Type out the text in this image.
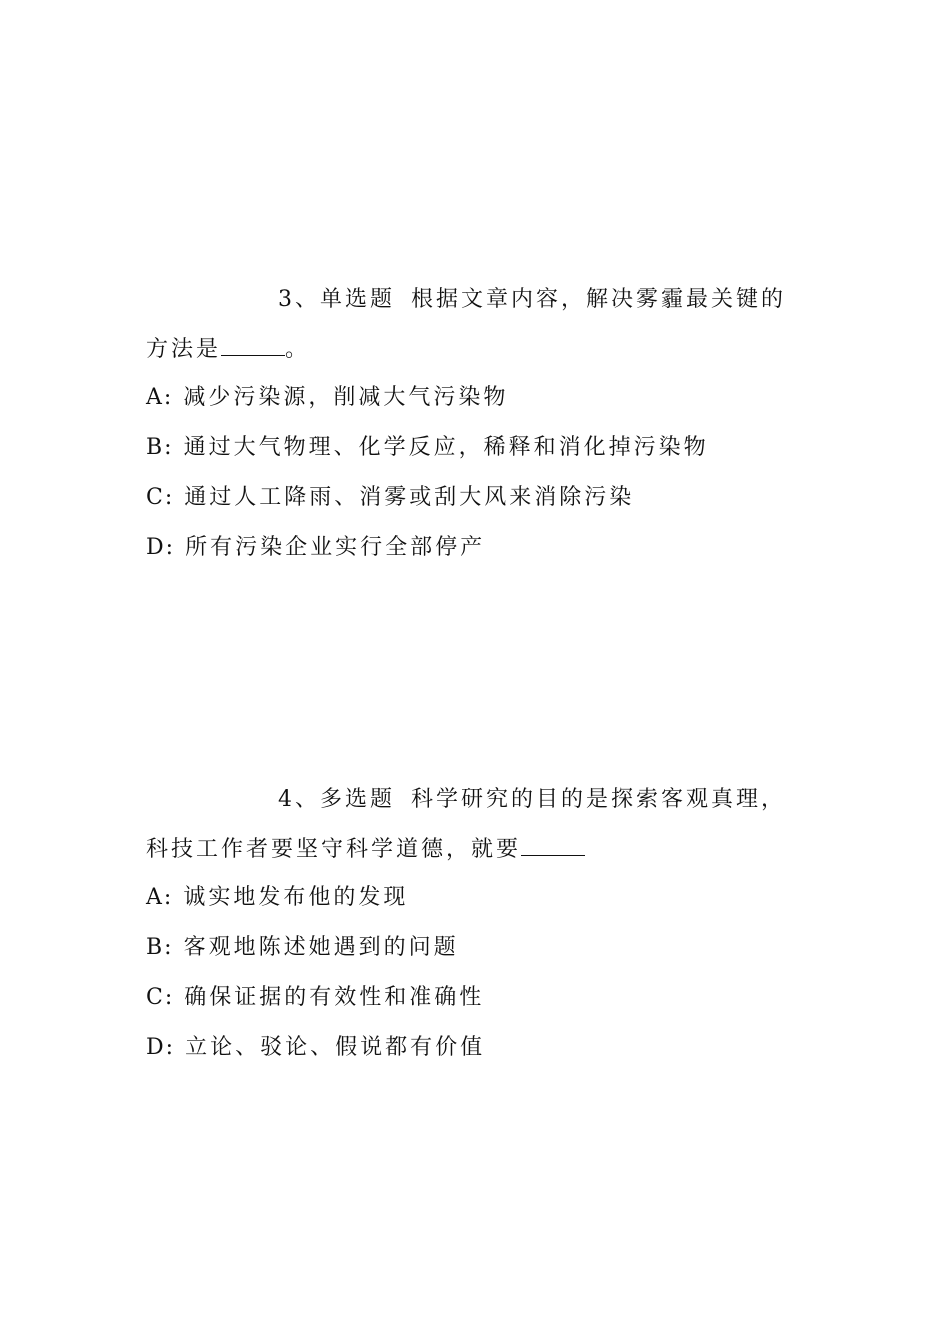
3、单选题 根据文章内容，解决雾霾最关键的

方法是	。

A: 减少污染源，削减大气污染物
B: 通过大气物理、化学反应，稀释和消化掉污染物
C: 通过人工降雨、消雾或刮大风来消除污染
D: 所有污染企业实行全部停产

4、多选题 科学研究的目的是探索客观真理，

科技工作者要坚守科学道德，就要

A: 诚实地发布他的发现
B: 客观地陈述她遇到的问题
C: 确保证据的有效性和准确性
D: 立论、驳论、假说都有价值
